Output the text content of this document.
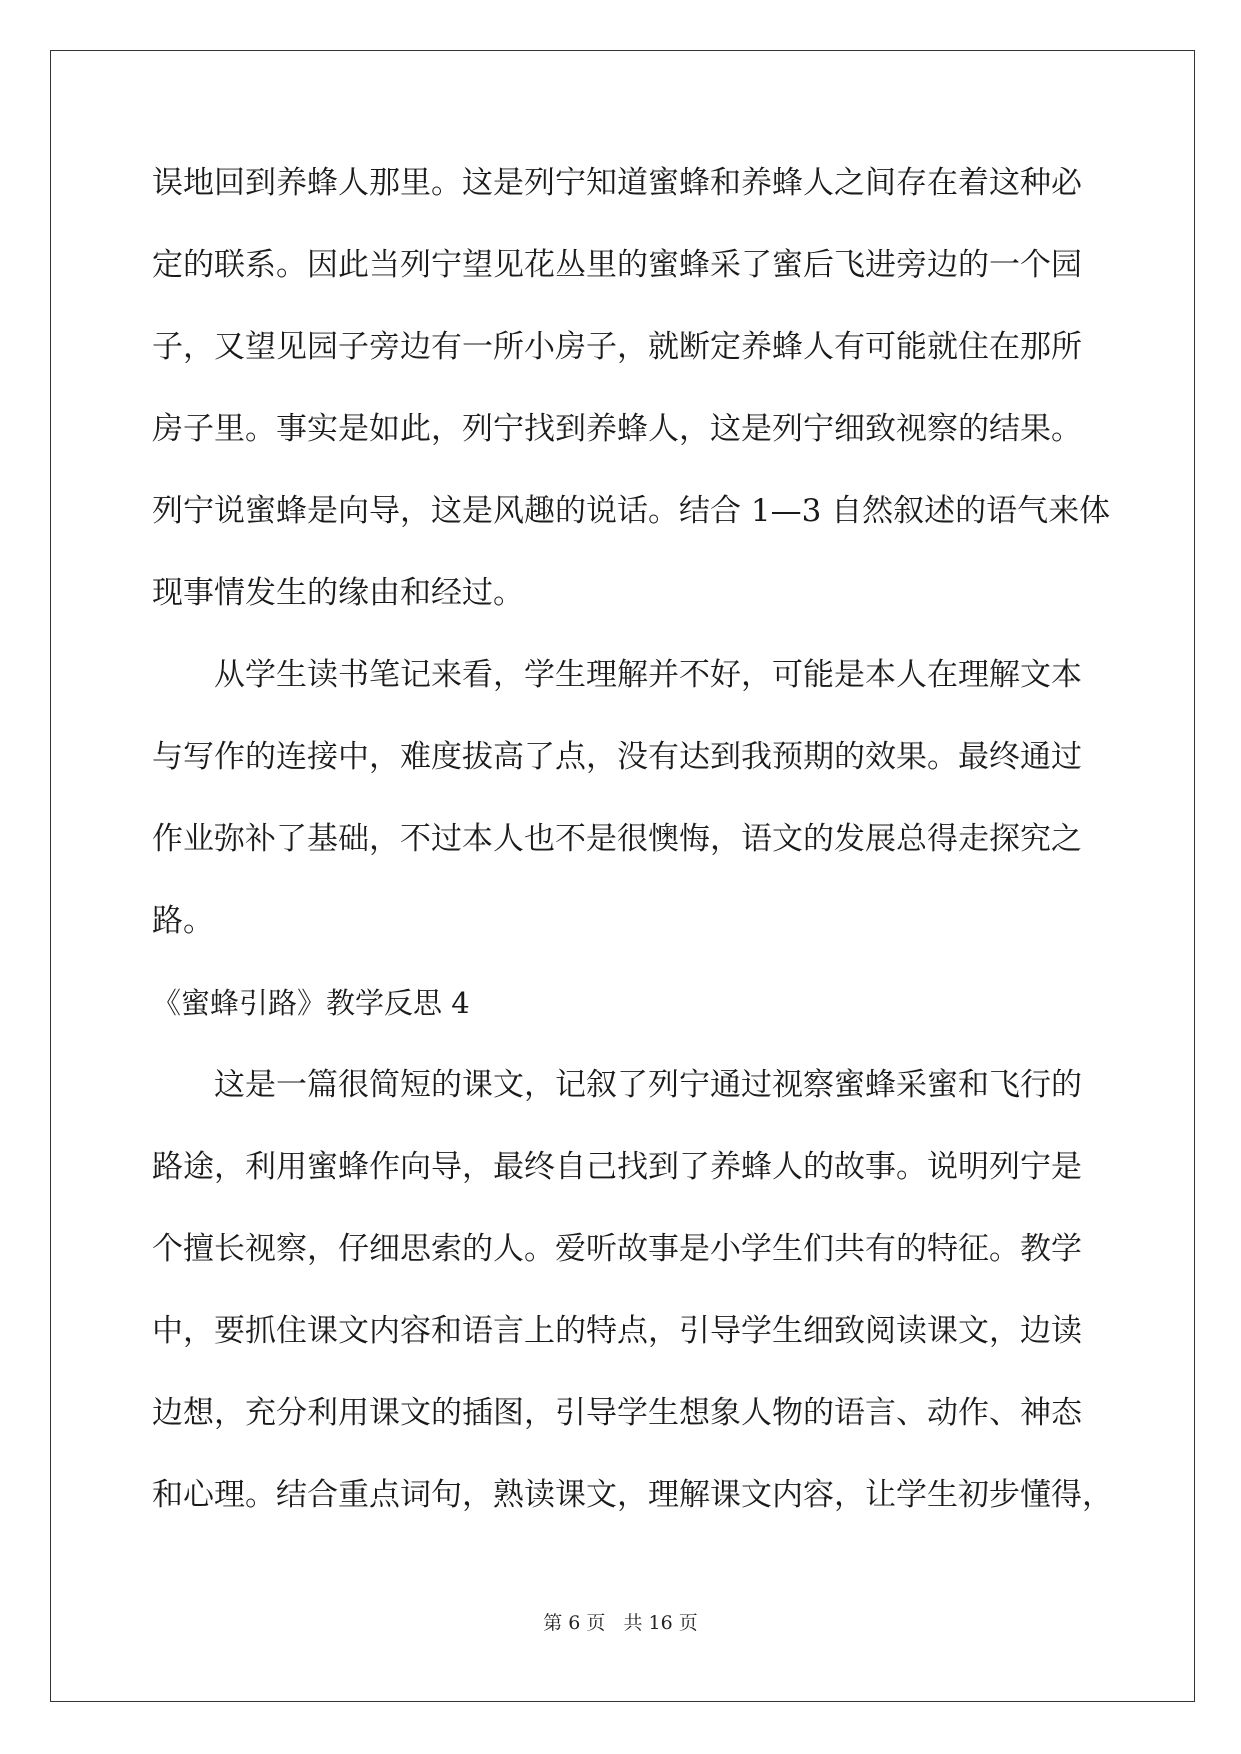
误地回到养蜂人那里。这是列宁知道蜜蜂和养蜂人之间存在着这种必
定的联系。因此当列宁望见花丛里的蜜蜂采了蜜后飞进旁边的一个园
子，又望见园子旁边有一所小房子，就断定养蜂人有可能就住在那所
房子里。事实是如此，列宁找到养蜂人，这是列宁细致视察的结果。
列宁说蜜蜂是向导，这是风趣的说话。结合 1—3 自然叙述的语气来体
现事情发生的缘由和经过。
从学生读书笔记来看，学生理解并不好，可能是本人在理解文本
与写作的连接中，难度拔高了点，没有达到我预期的效果。最终通过
作业弥补了基础，不过本人也不是很懊悔，语文的发展总得走探究之
路。
《蜜蜂引路》教学反思 4
这是一篇很简短的课文，记叙了列宁通过视察蜜蜂采蜜和飞行的
路途，利用蜜蜂作向导，最终自己找到了养蜂人的故事。说明列宁是
个擅长视察，仔细思索的人。爱听故事是小学生们共有的特征。教学
中，要抓住课文内容和语言上的特点，引导学生细致阅读课文，边读
边想，充分利用课文的插图，引导学生想象人物的语言、动作、神态
和心理。结合重点词句，熟读课文，理解课文内容，让学生初步懂得，
第 6 页 共 16 页
